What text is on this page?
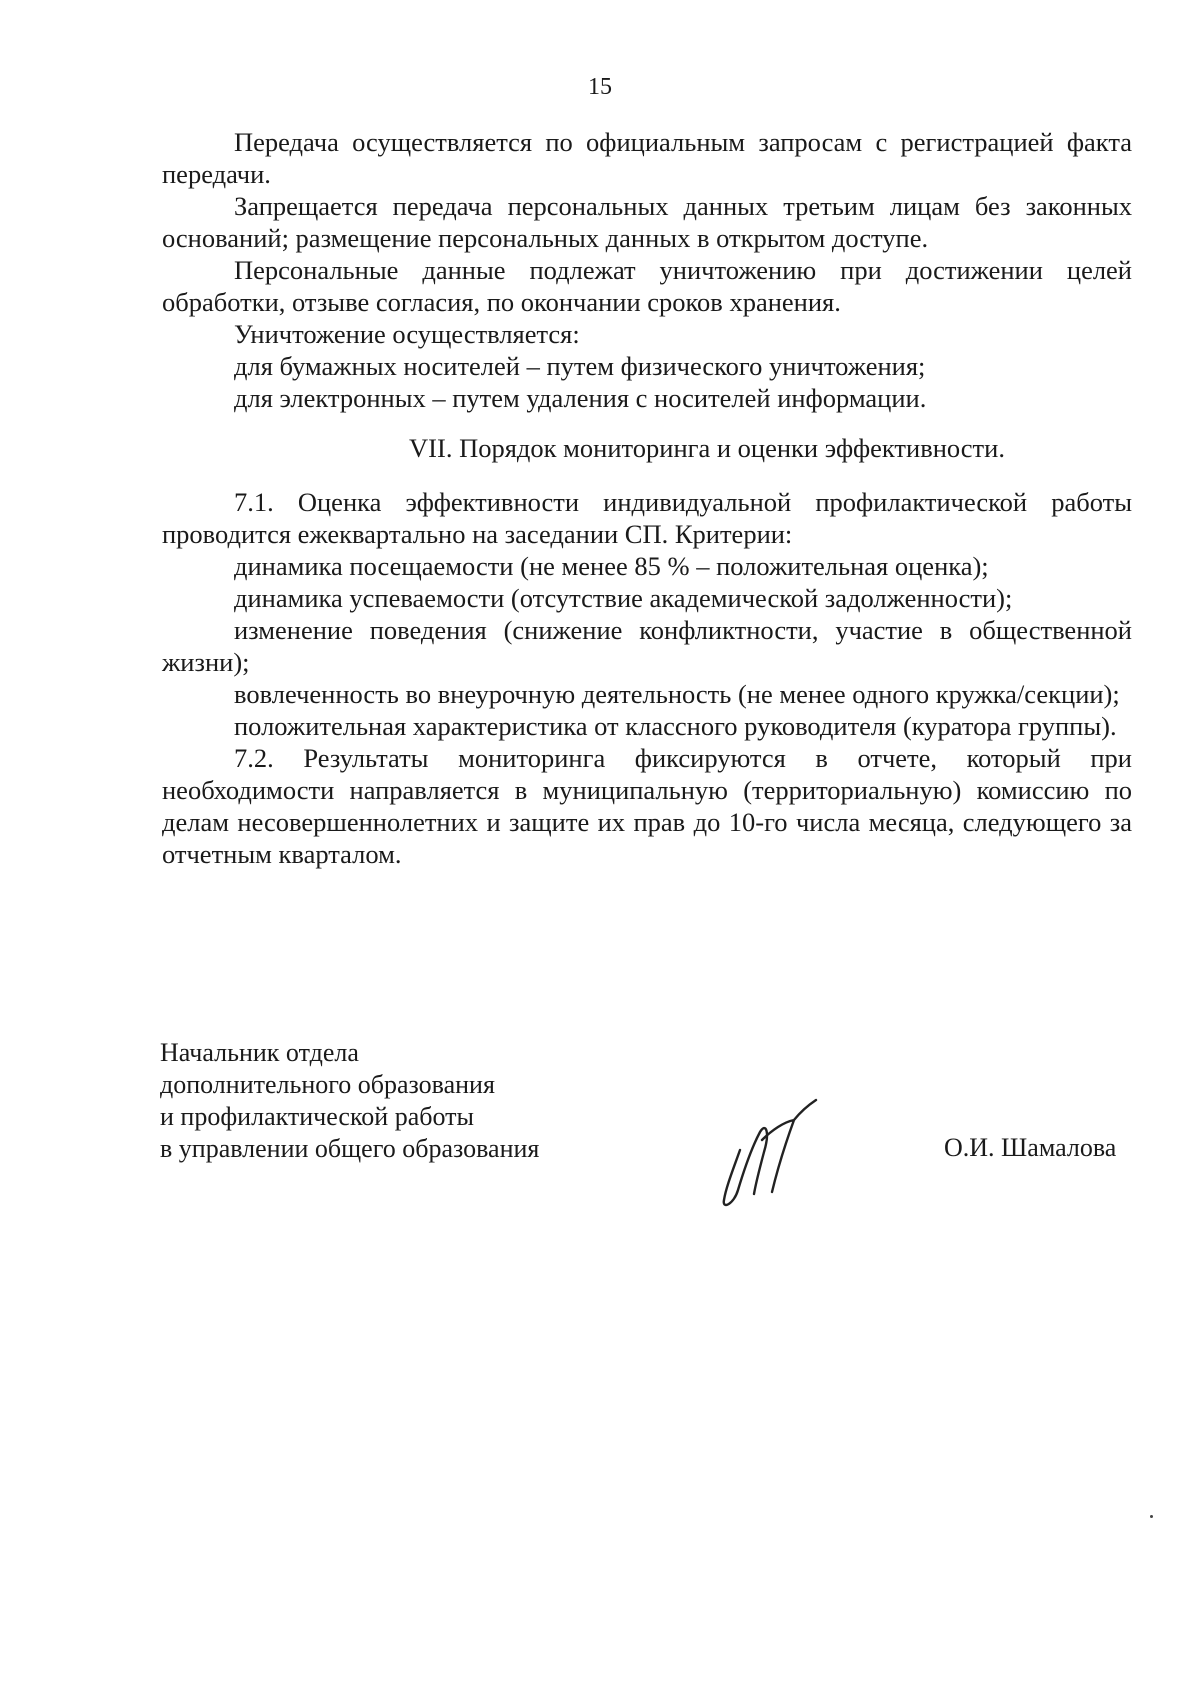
15

Передача осуществляется по официальным запросам с регистрацией факта передачи.

Запрещается передача персональных данных третьим лицам без законных оснований; размещение персональных данных в открытом доступе.

Персональные данные подлежат уничтожению при достижении целей обработки, отзыве согласия, по окончании сроков хранения.

Уничтожение осуществляется:

для бумажных носителей – путем физического уничтожения;

для электронных – путем удаления с носителей информации.

VII. Порядок мониторинга и оценки эффективности.

7.1. Оценка эффективности индивидуальной профилактической работы проводится ежеквартально на заседании СП. Критерии:

динамика посещаемости (не менее 85 % – положительная оценка);

динамика успеваемости (отсутствие академической задолженности);

изменение поведения (снижение конфликтности, участие в общественной жизни);

вовлеченность во внеурочную деятельность (не менее одного кружка/секции);

положительная характеристика от классного руководителя (куратора группы).

7.2. Результаты мониторинга фиксируются в отчете, который при необходимости направляется в муниципальную (территориальную) комиссию по делам несовершеннолетних и защите их прав до 10-го числа месяца, следующего за отчетным кварталом.

Начальник отдела
дополнительного образования
и профилактической работы
в управлении общего образования	О.И. Шамалова
